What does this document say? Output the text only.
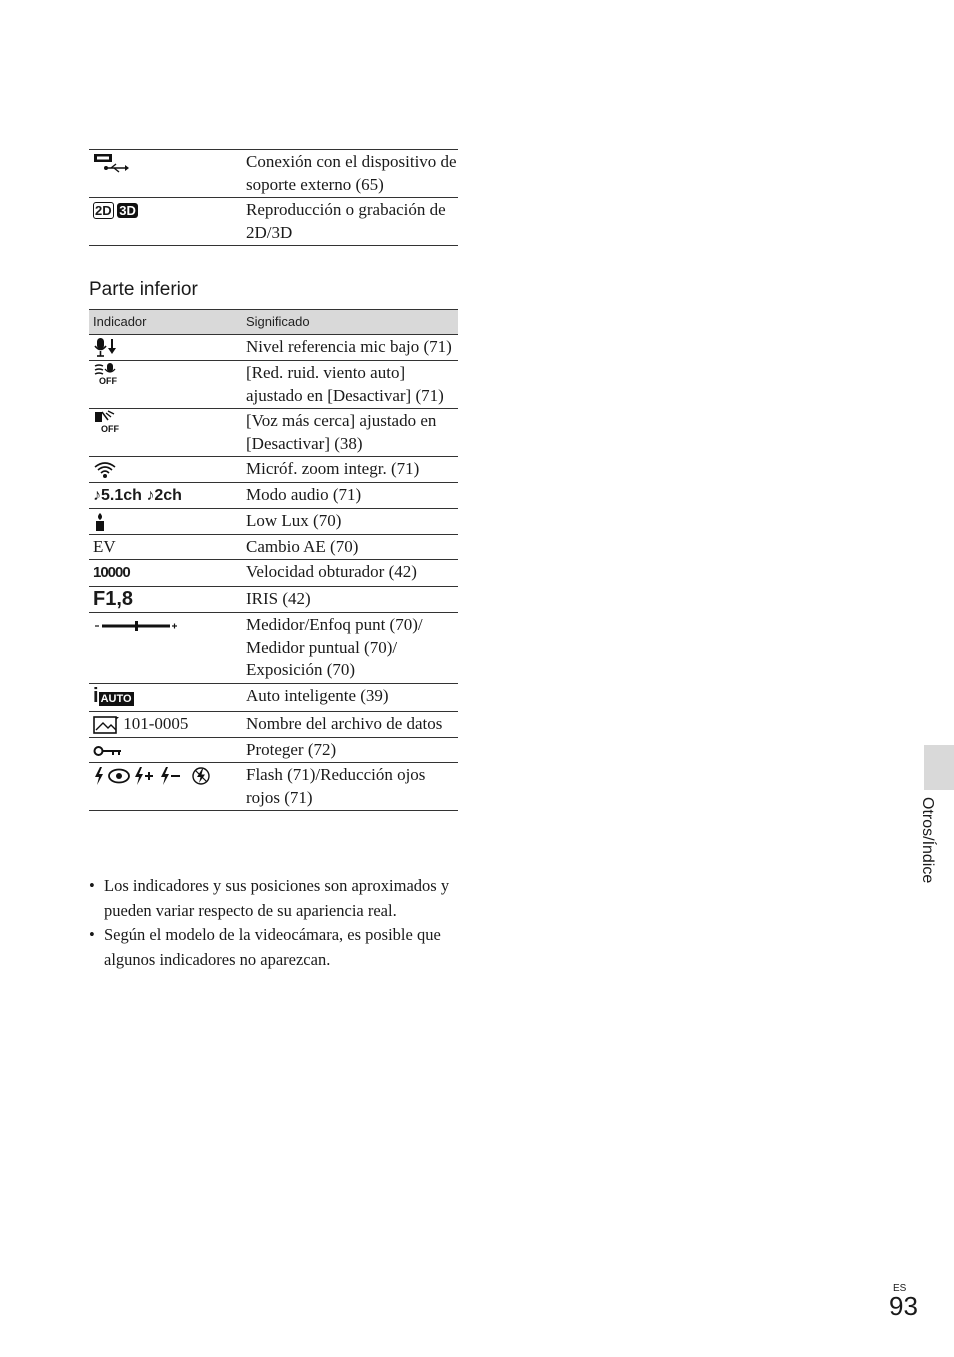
	Conexión con el dispositivo de soporte externo (65)
2D 3D	Reproducción o grabación de 2D/3D
Parte inferior
Indicador	Significado
	Nivel referencia mic bajo (71)

OFF	[Red. ruid. viento auto] ajustado en [Desactivar] (71)

OFF	[Voz más cerca] ajustado en [Desactivar] (38)
	Micróf. zoom integr. (71)
♪5.1ch ♪2ch	Modo audio (71)
	Low Lux (70)
EV	Cambio AE (70)
10000	Velocidad obturador (42)
F1,8	IRIS (42)
	Medidor/Enfoq punt (70)/ Medidor puntual (70)/ Exposición (70)
i AUTO	Auto inteligente (39)
101-0005	Nombre del archivo de datos
	Proteger (72)
	Flash (71)/Reducción ojos rojos (71)
• Los indicadores y sus posiciones son aproximados y pueden variar respecto de su apariencia real.
• Según el modelo de la videocámara, es posible que algunos indicadores no aparezcan.
Otros/Índice
ES
93
